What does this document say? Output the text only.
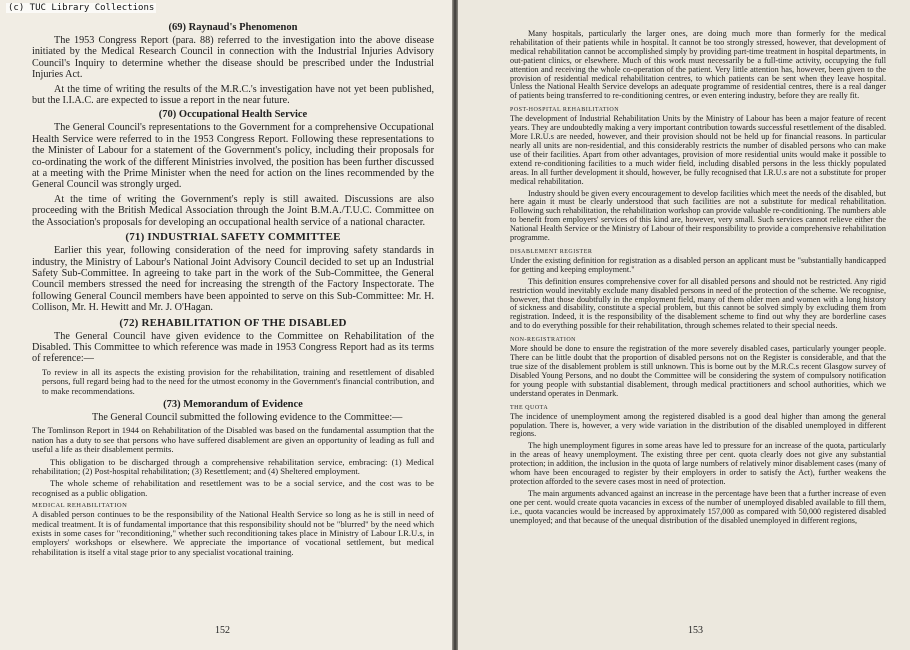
(69) Raynaud's Phenomenon

The 1953 Congress Report (para. 88) referred to the investigation into the above disease initiated by the Medical Research Council in connection with the Industrial Injuries Advisory Council's Inquiry to determine whether the disease should be prescribed under the Industrial Injuries Act.

At the time of writing the results of the M.R.C.'s investigation have not yet been published, but the I.I.A.C. are expected to issue a report in the near future.

(70) Occupational Health Service

The General Council's representations to the Government for a comprehensive Occupational Health Service were referred to in the 1953 Congress Report. Following these representations to the Minister of Labour for a statement of the Government's policy, including their proposals for co-ordinating the work of the different Ministries involved, the position has been further discussed at a meeting with the Prime Minister when the need for action on the lines recommended by the General Council was strongly urged.

At the time of writing the Government's reply is still awaited. Discussions are also proceeding with the British Medical Association through the Joint B.M.A./T.U.C. Committee on the Association's proposals for developing an occupational health service of a national character.

(71) INDUSTRIAL SAFETY COMMITTEE

Earlier this year, following consideration of the need for improving safety standards in industry, the Ministry of Labour's National Joint Advisory Council decided to set up an Industrial Safety Sub-Committee. In agreeing to take part in the work of the Sub-Committee, the General Council members stressed the need for increasing the strength of the Factory Inspectorate. The following General Council members have been appointed to serve on this Sub-Committee: Mr. H. Collison, Mr. H. Hewitt and Mr. J. O'Hagan.

(72) REHABILITATION OF THE DISABLED

The General Council have given evidence to the Committee on Rehabilitation of the Disabled. This Committee to which reference was made in 1953 Congress Report had as its terms of reference:—

To review in all its aspects the existing provision for the rehabilitation, training and resettlement of disabled persons, full regard being had to the need for the utmost economy in the Government's financial contribution, and to make recommendations.

(73) Memorandum of Evidence

The General Council submitted the following evidence to the Committee:—

The Tomlinson Report in 1944 on Rehabilitation of the Disabled was based on the fundamental assumption that the nation has a duty to see that persons who have suffered disablement are given an opportunity of leading as full and useful a life as their disablement permits.

This obligation to be discharged through a comprehensive rehabilitation service, embracing: (1) Medical rehabilitation; (2) Post-hospital rehabilitation; (3) Resettlement; and (4) Sheltered employment.

The whole scheme of rehabilitation and resettlement was to be a social service, and the cost was to be recognised as a public obligation.

MEDICAL REHABILITATION

A disabled person continues to be the responsibility of the National Health Service so long as he is still in need of medical treatment. It is of fundamental importance that this responsibility should not be "blurred" by the need which exists in some cases for "reconditioning," whether such reconditioning takes place in Ministry of Labour I.R.U.s, in employers' workshops or elsewhere. We appreciate the importance of vocational settlement, but medical rehabilitation is itself a vital stage prior to any specialist vocational training.

152

Many hospitals, particularly the larger ones, are doing much more than formerly for the medical rehabilitation of their patients while in hospital. It cannot be too strongly stressed, however, that development of medical rehabilitation cannot be accomplished simply by providing part-time treatment in hospital departments, in out-patient clinics, or elsewhere. Much of this work must necessarily be a full-time activity, occupying the full attention and receiving the whole co-operation of the patient. Very little attention has, however, been given to the provision of residential medical rehabilitation centres, to which patients can be sent when they leave hospital. Unless the National Health Service develops an adequate programme of residential centres, there is a real danger of patients being transferred to re-conditioning centres, or even entering industry, before they are really fit.

POST-HOSPITAL REHABILITATION

The development of Industrial Rehabilitation Units by the Ministry of Labour has been a major feature of recent years. They are undoubtedly making a very important contribution towards successful resettlement of the disabled. More I.R.U.s are needed, however, and their provision should not be held up for financial reasons. In particular nearly all units are non-residential, and this considerably restricts the number of disabled persons who can make use of their facilities. Apart from other advantages, provision of more residential units would make it possible to extend re-conditioning facilities to a much wider field, including disabled persons in the less thickly populated areas. In all further development it should, however, be fully recognised that I.R.U.s are not a substitute for proper medical rehabilitation.

Industry should be given every encouragement to develop facilities which meet the needs of the disabled, but here again it must be clearly understood that such facilities are not a substitute for medical rehabilitation. Following such rehabilitation, the rehabilitation workshop can provide valuable re-conditioning. The numbers able to benefit from employers' services of this kind are, however, very small. Such services cannot relieve either the National Health Service or the Ministry of Labour of their responsibility to provide a comprehensive rehabilitation programme.

DISABLEMENT REGISTER

Under the existing definition for registration as a disabled person an applicant must be "substantially handicapped for getting and keeping employment."

This definition ensures comprehensive cover for all disabled persons and should not be restricted. Any rigid restriction would inevitably exclude many disabled persons in need of the protection of the scheme. We recognise, however, that those doubtfully in the employment field, many of them older men and women with a long history of sickness and disability, constitute a special problem, but this cannot be solved simply by excluding them from registration. Indeed, it is the responsibility of the disablement scheme to find out why they are borderline cases and to do everything possible for their rehabilitation, through schemes related to their special needs.

NON-REGISTRATION

More should be done to ensure the registration of the more severely disabled cases, particularly younger people. There can be little doubt that the proportion of disabled persons not on the Register is considerable, and that the true size of the disablement problem is still unknown. This is borne out by the M.R.C.s recent Glasgow survey of Disabled Young Persons, and no doubt the Committee will be considering the system of compulsory notification for young people with substantial disablement, through medical practitioners and school authorities, which we understand operates in Denmark.

THE QUOTA

The incidence of unemployment among the registered disabled is a good deal higher than among the general population. There is, however, a very wide variation in the distribution of the disabled unemployed in different regions.

The high unemployment figures in some areas have led to pressure for an increase of the quota, particularly in the areas of heavy unemployment. The existing three per cent. quota clearly does not give any substantial protection; in addition, the inclusion in the quota of large numbers of relatively minor disablement cases (many of whom have been encouraged to register by their employers in order to satisfy the Act), further weakens the protection afforded to the severe cases most in need of protection.

The main arguments advanced against an increase in the percentage have been that a further increase of even one per cent. would create quota vacancies in excess of the number of unemployed disabled available to fill them, i.e., quota vacancies would be increased by approximately 157,000 as compared with 50,000 registered disabled unemployed; and that because of the unequal distribution of the disabled unemployed in different regions,

153
(c) TUC Library Collections
